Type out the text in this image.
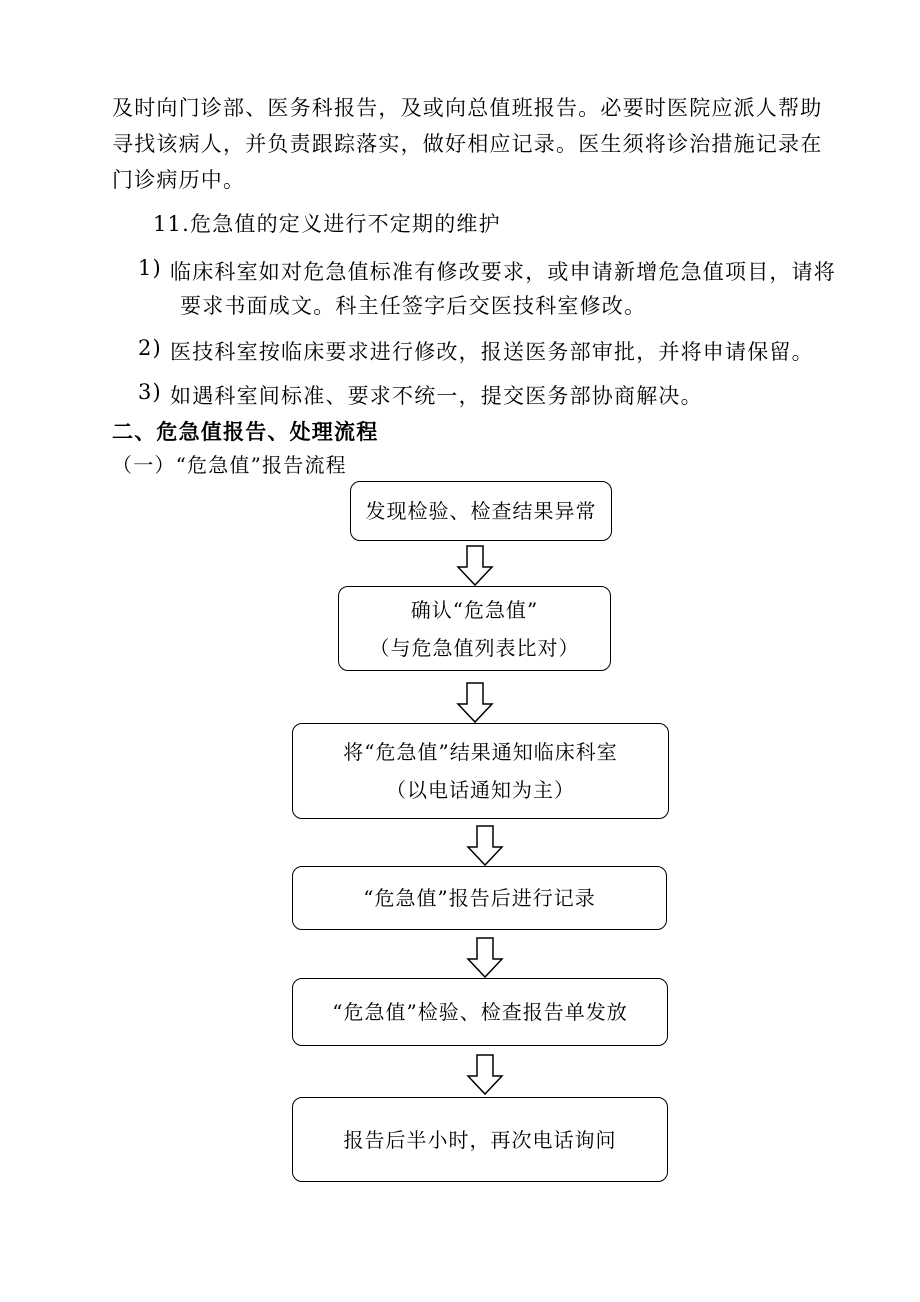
及时向门诊部、医务科报告，及或向总值班报告。必要时医院应派人帮助
寻找该病人，并负责跟踪落实，做好相应记录。医生须将诊治措施记录在
门诊病历中。
11.危急值的定义进行不定期的维护
1) 临床科室如对危急值标准有修改要求，或申请新增危急值项目，请将
要求书面成文。科主任签字后交医技科室修改。
2) 医技科室按临床要求进行修改，报送医务部审批，并将申请保留。
3) 如遇科室间标准、要求不统一，提交医务部协商解决。
二、危急值报告、处理流程
（一）“危急值”报告流程
发现检验、检查结果异常
确认“危急值”
（与危急值列表比对）
将“危急值”结果通知临床科室
（以电话通知为主）
“危急值”报告后进行记录
“危急值”检验、检查报告单发放
报告后半小时，再次电话询问
